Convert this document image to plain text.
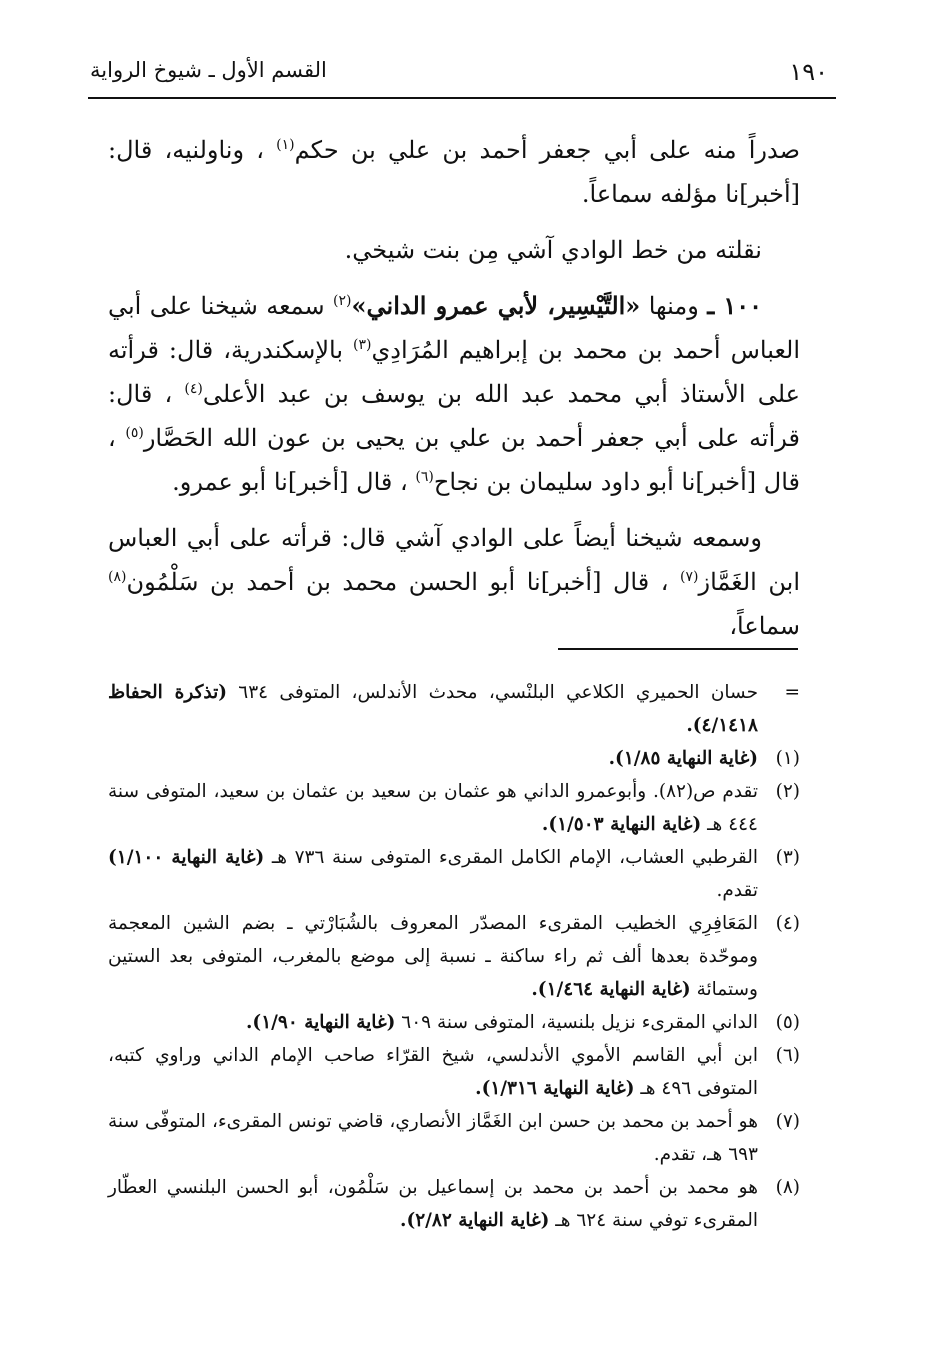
١٩٠
القسم الأول ـ شيوخ الرواية

صدراً منه على أبي جعفر أحمد بن علي بن حكم$^{(١)}$ ، وناولنيه، قال: [أخبر]نا مؤلفه سماعاً.

نقلته من خط الوادي آشي مِن بنت شيخي.

١٠٠ ـ ومنها «التَّيْسِير، لأبي عمرو الداني»$^{(٢)}$ سمعه شيخنا على أبي العباس أحمد بن محمد بن إبراهيم المُرَادِي$^{(٣)}$ بالإسكندرية، قال: قرأته على الأستاذ أبي محمد عبد الله بن يوسف بن عبد الأعلى$^{(٤)}$ ، قال: قرأته على أبي جعفر أحمد بن علي بن يحيى بن عون الله الحَصَّار$^{(٥)}$ ، قال [أخبر]نا أبو داود سليمان بن نجاح$^{(٦)}$ ، قال [أخبر]نا أبو عمرو.

وسمعه شيخنا أيضاً على الوادي آشي قال: قرأته على أبي العباس ابن الغَمَّاز$^{(٧)}$ ، قال [أخبر]نا أبو الحسن محمد بن أحمد بن سَلْمُون$^{(٨)}$ سماعاً،

=
حسان الحميري الكلاعي البلنْسي، محدث الأندلس، المتوفى ٦٣٤ (تذكرة الحفاظ ٤/١٤١٨).
(١)
(غاية النهاية ١/٨٥).
(٢)
تقدم ص(٨٢). وأبوعمرو الداني هو عثمان بن سعيد بن عثمان بن سعيد، المتوفى سنة ٤٤٤ هـ (غاية النهاية ١/٥٠٣).
(٣)
القرطبي العشاب، الإمام الكامل المقرىء المتوفى سنة ٧٣٦ هـ (غاية النهاية ١/١٠٠) تقدم.
(٤)
المَعَافِرِي الخطيب المقرىء المصدّر المعروف بالشُبَارْتي ـ بضم الشين المعجمة وموحّدة بعدها ألف ثم راء ساكنة ـ نسبة إلى موضع بالمغرب، المتوفى بعد الستين وستمائة (غاية النهاية ١/٤٦٤).
(٥)
الداني المقرىء نزيل بلنسية، المتوفى سنة ٦٠٩ (غاية النهاية ١/٩٠).
(٦)
ابن أبي القاسم الأموي الأندلسي، شيخ القرّاء صاحب الإمام الداني وراوي كتبه، المتوفى ٤٩٦ هـ (غاية النهاية ١/٣١٦).
(٧)
هو أحمد بن محمد بن حسن ابن الغَمَّاز الأنصاري، قاضي تونس المقرىء، المتوفّى سنة ٦٩٣ هـ، تقدم.
(٨)
هو محمد بن أحمد بن محمد بن إسماعيل بن سَلْمُون، أبو الحسن البلنسي العطّار المقرىء توفي سنة ٦٢٤ هـ (غاية النهاية ٢/٨٢).
